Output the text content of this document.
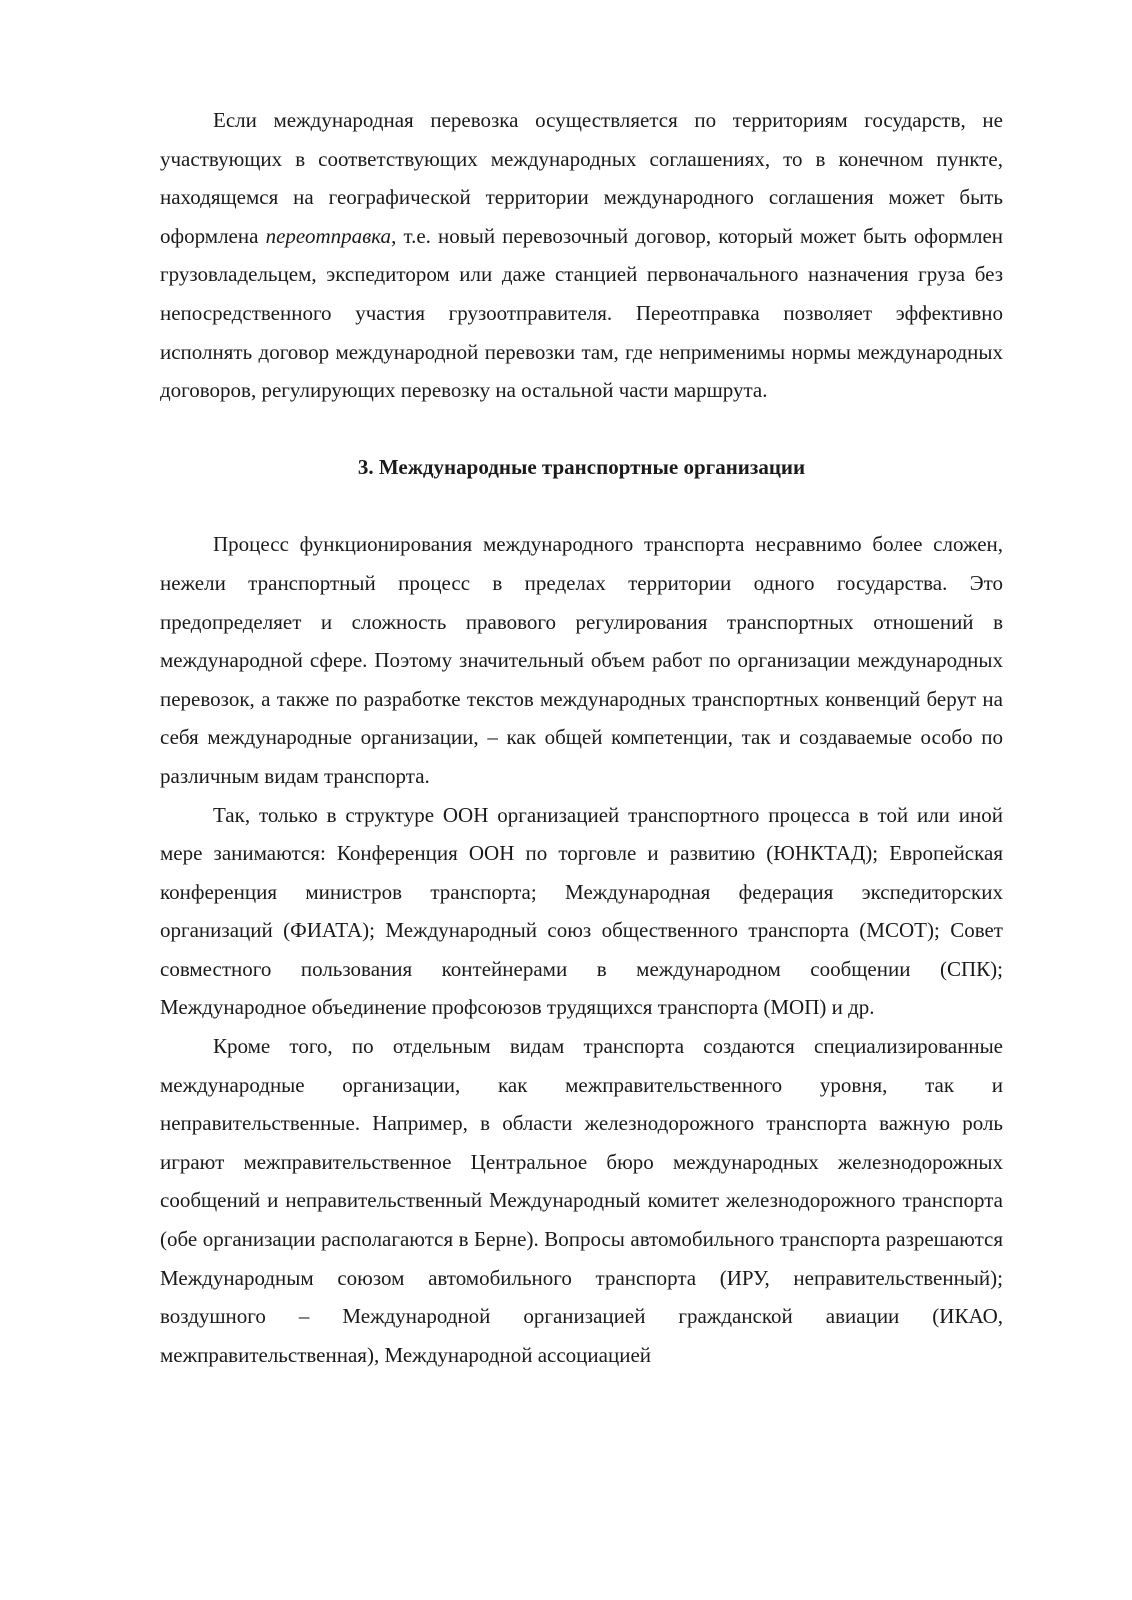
Если международная перевозка осуществляется по территориям государств, не участвующих в соответствующих международных соглашениях, то в конечном пункте, находящемся на географической территории международного соглашения может быть оформлена переотправка, т.е. новый перевозочный договор, который может быть оформлен грузовладельцем, экспедитором или даже станцией первоначального назначения груза без непосредственного участия грузоотправителя. Переотправка позволяет эффективно исполнять договор международной перевозки там, где неприменимы нормы международных договоров, регулирующих перевозку на остальной части маршрута.

3. Международные транспортные организации

Процесс функционирования международного транспорта несравнимо более сложен, нежели транспортный процесс в пределах территории одного государства. Это предопределяет и сложность правового регулирования транспортных отношений в международной сфере. Поэтому значительный объем работ по организации международных перевозок, а также по разработке текстов международных транспортных конвенций берут на себя международные организации, – как общей компетенции, так и создаваемые особо по различным видам транспорта.

Так, только в структуре ООН организацией транспортного процесса в той или иной мере занимаются: Конференция ООН по торговле и развитию (ЮНКТАД); Европейская конференция министров транспорта; Международная федерация экспедиторских организаций (ФИАТА); Международный союз общественного транспорта (МСОТ); Совет совместного пользования контейнерами в международном сообщении (СПК); Международное объединение профсоюзов трудящихся транспорта (МОП) и др.

Кроме того, по отдельным видам транспорта создаются специализированные международные организации, как межправительственного уровня, так и неправительственные. Например, в области железнодорожного транспорта важную роль играют межправительственное Центральное бюро международных железнодорожных сообщений и неправительственный Международный комитет железнодорожного транспорта (обе организации располагаются в Берне). Вопросы автомобильного транспорта разрешаются Международным союзом автомобильного транспорта (ИРУ, неправительственный); воздушного – Международной организацией гражданской авиации (ИКАО, межправительственная), Международной ассоциацией
